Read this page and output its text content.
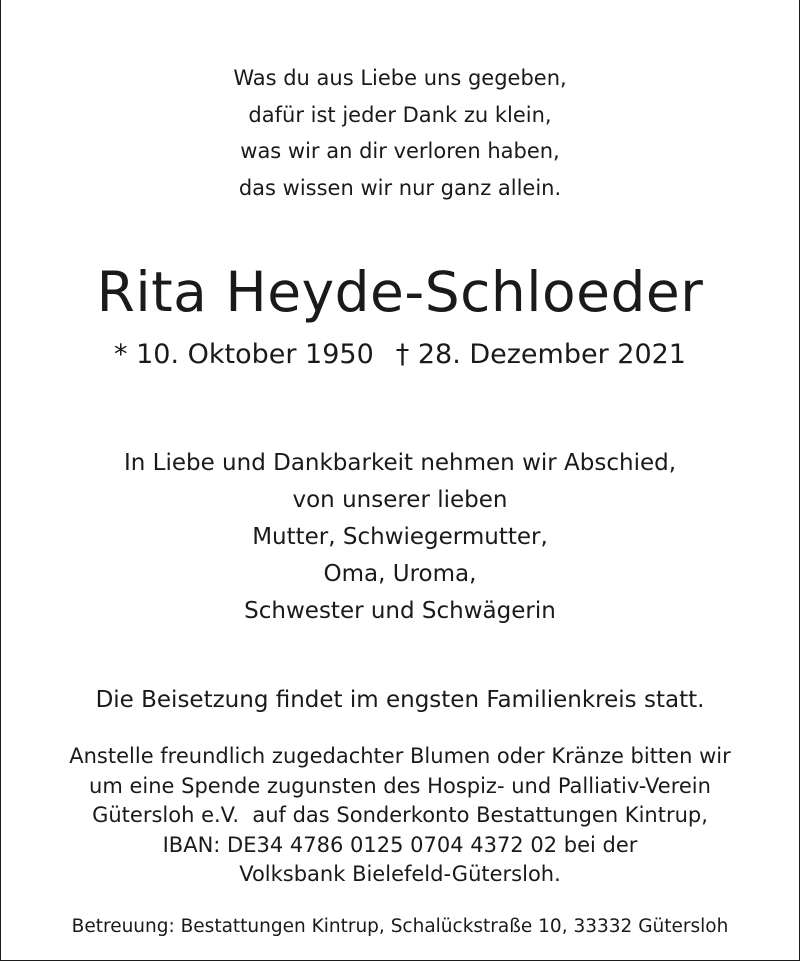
Was du aus Liebe uns gegeben,
dafür ist jeder Dank zu klein,
was wir an dir verloren haben,
das wissen wir nur ganz allein.
Rita Heyde-Schloeder
* 10. Oktober 1950 † 28. Dezember 2021
In Liebe und Dankbarkeit nehmen wir Abschied,
von unserer lieben
Mutter, Schwiegermutter,
Oma, Uroma,
Schwester und Schwägerin
Die Beisetzung findet im engsten Familienkreis statt.
Anstelle freundlich zugedachter Blumen oder Kränze bitten wir
um eine Spende zugunsten des Hospiz- und Palliativ-Verein
Gütersloh e.V.  auf das Sonderkonto Bestattungen Kintrup,
IBAN: DE34 4786 0125 0704 4372 02 bei der
Volksbank Bielefeld-Gütersloh.
Betreuung: Bestattungen Kintrup, Schalückstraße 10, 33332 Gütersloh
